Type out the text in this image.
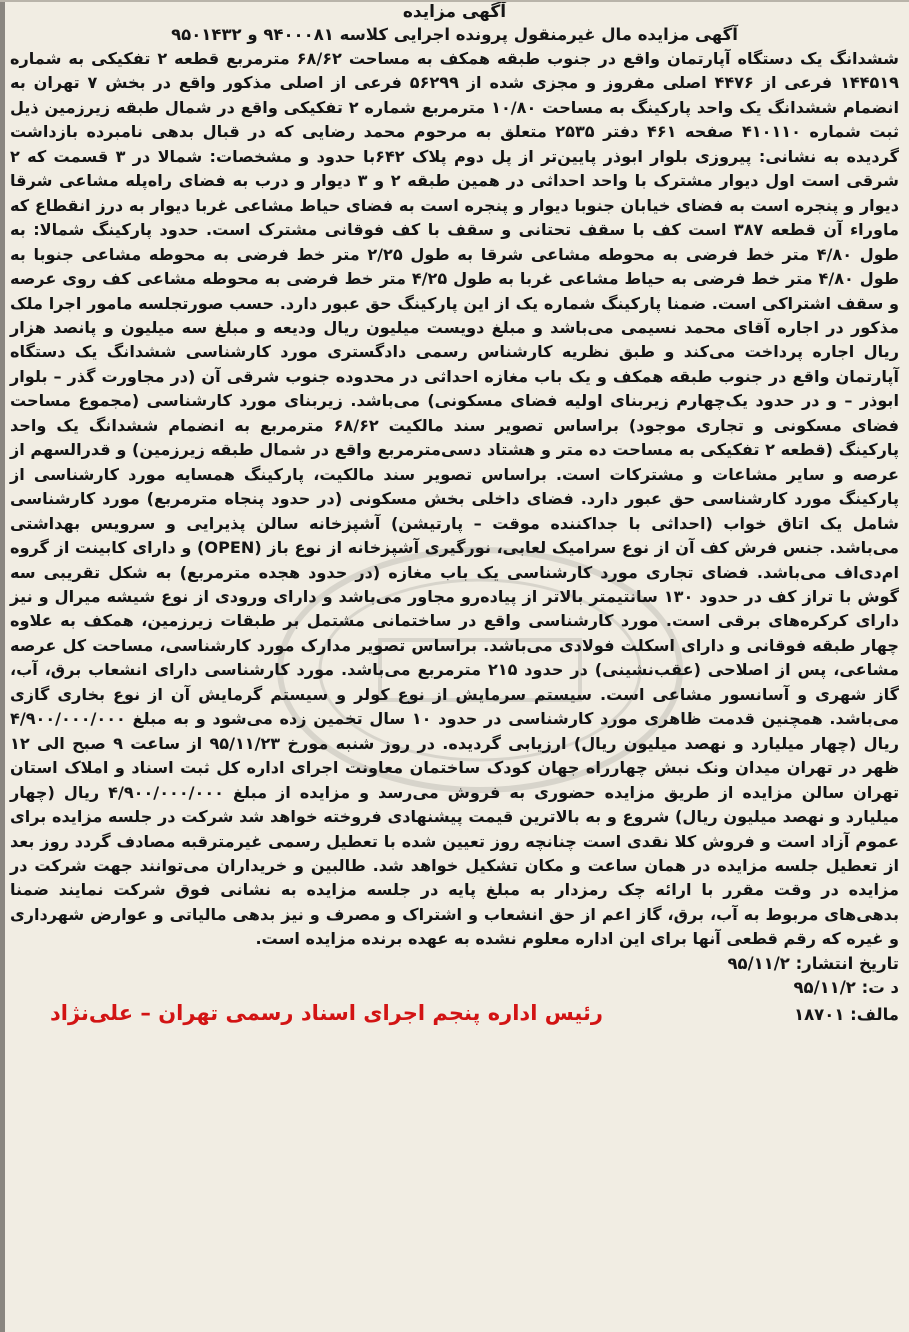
آگهی مزایده
آگهی مزایده مال غیرمنقول پرونده اجرایی کلاسه ۹۴۰۰۰۸۱ و ۹۵۰۱۴۳۲

ششدانگ یک دستگاه آپارتمان واقع در جنوب طبقه همکف به مساحت ۶۸/۶۲ مترمربع قطعه ۲ تفکیکی به شماره ۱۴۴۵۱۹ فرعی از ۴۴۷۶ اصلی مفروز و مجزی شده از ۵۶۲۹۹ فرعی از اصلی مذکور واقع در بخش ۷ تهران به انضمام ششدانگ یک واحد پارکینگ به مساحت ۱۰/۸۰ مترمربع شماره ۲ تفکیکی واقع در شمال طبقه زیرزمین ذیل ثبت شماره ۴۱۰۱۱۰ صفحه ۴۶۱ دفتر ۲۵۳۵ متعلق به مرحوم محمد رضایی که در قبال بدهی نامبرده بازداشت گردیده به نشانی: پیروزی بلوار ابوذر پایین‌تر از پل دوم پلاک ۶۴۲با حدود و مشخصات: شمالا در ۳ قسمت که ۲ شرقی است اول دیوار مشترک با واحد احداثی در همین طبقه ۲ و ۳ دیوار و درب به فضای راه‌پله مشاعی شرقا دیوار و پنجره است به فضای خیابان جنوبا دیوار و پنجره است به فضای حیاط مشاعی غربا دیوار به درز انقطاع که ماوراء آن قطعه ۳۸۷ است کف با سقف تحتانی و سقف با کف فوقانی مشترک است. حدود پارکینگ شمالا: به طول ۴/۸۰ متر خط فرضی به محوطه مشاعی شرقا به طول ۲/۲۵ متر خط فرضی به محوطه مشاعی جنوبا به طول ۴/۸۰ متر خط فرضی به حیاط مشاعی غربا به طول ۴/۲۵ متر خط فرضی به محوطه مشاعی کف روی عرصه و سقف اشتراکی است. ضمنا پارکینگ شماره یک از این پارکینگ حق عبور دارد. حسب صورتجلسه مامور اجرا ملک مذکور در اجاره آقای محمد نسیمی می‌باشد و مبلغ دویست میلیون ریال ودیعه و مبلغ سه میلیون و پانصد هزار ریال اجاره پرداخت می‌کند و طبق نظریه کارشناس رسمی دادگستری مورد کارشناسی ششدانگ یک دستگاه آپارتمان واقع در جنوب طبقه همکف و یک باب مغازه احداثی در محدوده جنوب شرقی آن (در مجاورت گذر – بلوار ابوذر – و در حدود یک‌چهارم زیربنای اولیه فضای مسکونی) می‌باشد. زیربنای مورد کارشناسی (مجموع مساحت فضای مسکونی و تجاری موجود) براساس تصویر سند مالکیت ۶۸/۶۲ مترمربع به انضمام ششدانگ یک واحد پارکینگ (قطعه ۲ تفکیکی به مساحت ده متر و هشتاد دسی‌مترمربع واقع در شمال طبقه زیرزمین) و قدرالسهم از عرصه و سایر مشاعات و مشترکات است. براساس تصویر سند مالکیت، پارکینگ همسایه مورد کارشناسی از پارکینگ مورد کارشناسی حق عبور دارد. فضای داخلی بخش مسکونی (در حدود پنجاه مترمربع) مورد کارشناسی شامل یک اتاق خواب (احداثی با جداکننده موقت – پارتیشن) آشپزخانه سالن پذیرایی و سرویس بهداشتی می‌باشد. جنس فرش کف آن از نوع سرامیک لعابی، نورگیری آشپزخانه از نوع باز (OPEN) و دارای کابینت از گروه ام‌دی‌اف می‌باشد. فضای تجاری مورد کارشناسی یک باب مغازه (در حدود هجده مترمربع) به شکل تقریبی سه گوش با تراز کف در حدود ۱۳۰ سانتیمتر بالاتر از پیاده‌رو مجاور می‌باشد و دارای ورودی از نوع شیشه میرال و نیز دارای کرکره‌های برقی است. مورد کارشناسی واقع در ساختمانی مشتمل بر طبقات زیرزمین، همکف به علاوه چهار طبقه فوقانی و دارای اسکلت فولادی می‌باشد. براساس تصویر مدارک مورد کارشناسی، مساحت کل عرصه مشاعی، پس از اصلاحی (عقب‌نشینی) در حدود ۲۱۵ مترمربع می‌باشد. مورد کارشناسی دارای انشعاب برق، آب، گاز شهری و آسانسور مشاعی است. سیستم سرمایش از نوع کولر و سیستم گرمایش آن از نوع بخاری گازی می‌باشد. همچنین قدمت ظاهری مورد کارشناسی در حدود ۱۰ سال تخمین زده می‌شود و به مبلغ ۴/۹۰۰/۰۰۰/۰۰۰ ریال (چهار میلیارد و نهصد میلیون ریال) ارزیابی گردیده. در روز شنبه مورخ ۹۵/۱۱/۲۳ از ساعت ۹ صبح الی ۱۲ ظهر در تهران میدان ونک نبش چهارراه جهان کودک ساختمان معاونت اجرای اداره کل ثبت اسناد و املاک استان تهران سالن مزایده از طریق مزایده حضوری به فروش می‌رسد و مزایده از مبلغ ۴/۹۰۰/۰۰۰/۰۰۰ ریال (چهار میلیارد و نهصد میلیون ریال) شروع و به بالاترین قیمت پیشنهادی فروخته خواهد شد شرکت در جلسه مزایده برای عموم آزاد است و فروش کلا نقدی است چنانچه روز تعیین شده با تعطیل رسمی غیرمترقبه مصادف گردد روز بعد از تعطیل جلسه مزایده در همان ساعت و مکان تشکیل خواهد شد. طالبین و خریداران می‌توانند جهت شرکت در مزایده در وقت مقرر با ارائه چک رمزدار به مبلغ پایه در جلسه مزایده به نشانی فوق شرکت نمایند ضمنا بدهی‌های مربوط به آب، برق، گاز اعم از حق انشعاب و اشتراک و مصرف و نیز بدهی مالیاتی و عوارض شهرداری و غیره که رقم قطعی آنها برای این اداره معلوم نشده به عهده برنده مزایده است.

تاریخ انتشار: ۹۵/۱۱/۲

د ت: ۹۵/۱۱/۲
مالف: ۱۸۷۰۱
رئیس اداره پنجم اجرای اسناد رسمی تهران – علی‌نژاد
